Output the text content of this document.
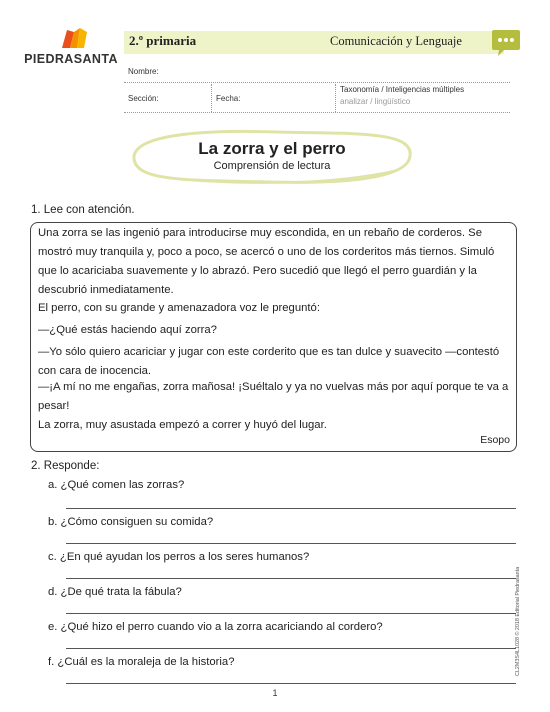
PIEDRASANTA
2.º primaria	Comunicación y Lenguaje
Nombre:
Sección:	Fecha:
Taxonomía / Inteligencias múltiples
analizar / lingüístico
La zorra y el perro
Comprensión de lectura
1. Lee con atención.
Una zorra se las ingenió para introducirse muy escondida, en un rebaño de corderos. Se mostró muy tranquila y, poco a poco, se acercó o uno de los corderitos más tiernos. Simuló que lo acariciaba suavemente y lo abrazó. Pero sucedió que llegó el perro guardián y la descubrió inmediatamente.
El perro, con su grande y amenazadora voz le preguntó:
—¿Qué estás haciendo aquí zorra?
—Yo sólo quiero acariciar y jugar con este corderito que es tan dulce y suavecito —contestó con cara de inocencia.
—¡A mí no me engañas, zorra mañosa! ¡Suéltalo y ya no vuelvas más por aquí porque te va a pesar!
La zorra, muy asustada empezó a correr y huyó del lugar.
Esopo
2. Responde:
a. ¿Qué comen las zorras?
b. ¿Cómo consiguen su comida?
c. ¿En qué ayudan los perros a los seres humanos?
d. ¿De qué trata la fábula?
e. ¿Qué hizo el perro cuando vio a la zorra acariciando al cordero?
f. ¿Cuál es la moraleja de la historia?	CL2M3S4L1028 © 2018 Editorial Piedrasanta
1
